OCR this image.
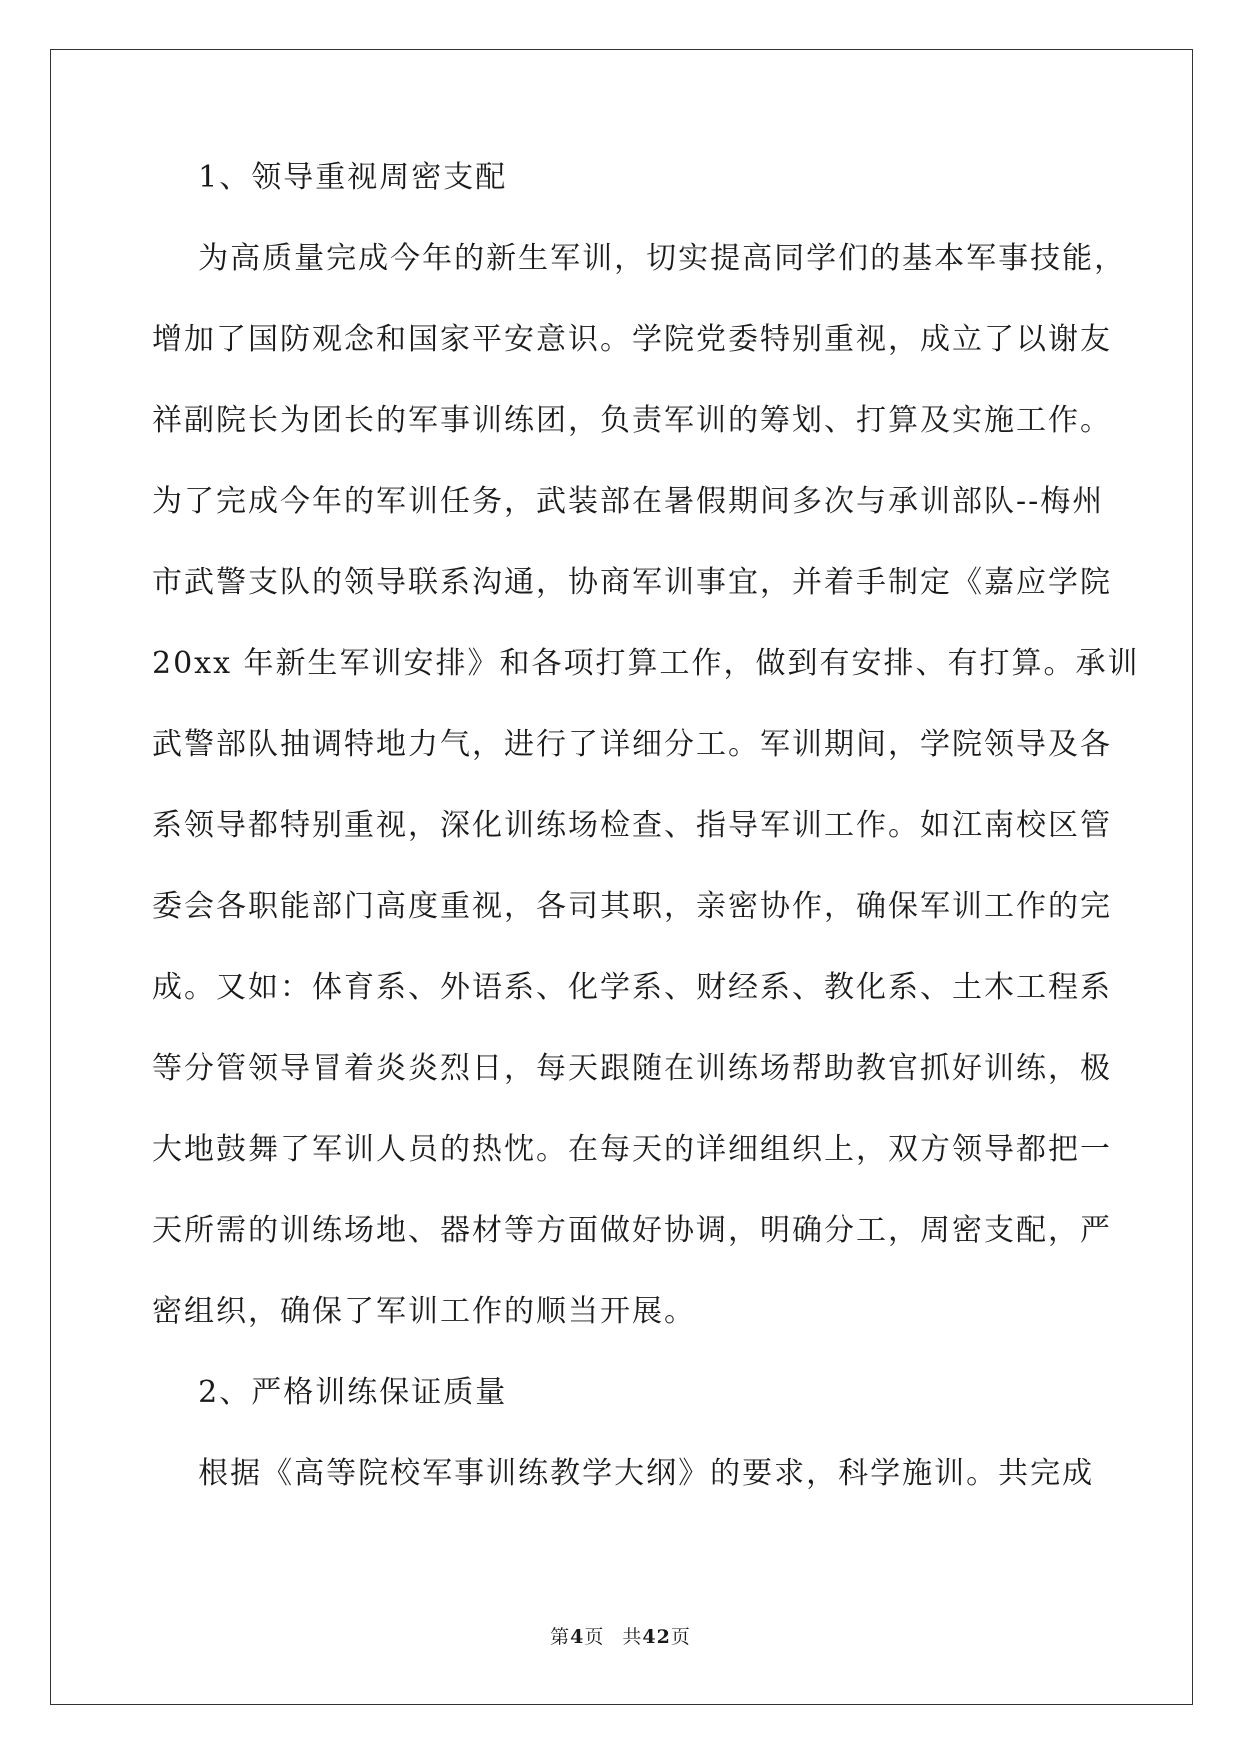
1、领导重视周密支配
为高质量完成今年的新生军训，切实提高同学们的基本军事技能，
增加了国防观念和国家平安意识。学院党委特别重视，成立了以谢友
祥副院长为团长的军事训练团，负责军训的筹划、打算及实施工作。
为了完成今年的军训任务，武装部在暑假期间多次与承训部队--梅州
市武警支队的领导联系沟通，协商军训事宜，并着手制定《嘉应学院
20xx 年新生军训安排》和各项打算工作，做到有安排、有打算。承训
武警部队抽调特地力气，进行了详细分工。军训期间，学院领导及各
系领导都特别重视，深化训练场检查、指导军训工作。如江南校区管
委会各职能部门高度重视，各司其职，亲密协作，确保军训工作的完
成。又如：体育系、外语系、化学系、财经系、教化系、土木工程系
等分管领导冒着炎炎烈日，每天跟随在训练场帮助教官抓好训练，极
大地鼓舞了军训人员的热忱。在每天的详细组织上，双方领导都把一
天所需的训练场地、器材等方面做好协调，明确分工，周密支配，严
密组织，确保了军训工作的顺当开展。
2、严格训练保证质量
根据《高等院校军事训练教学大纲》的要求，科学施训。共完成
第4页 共42页
